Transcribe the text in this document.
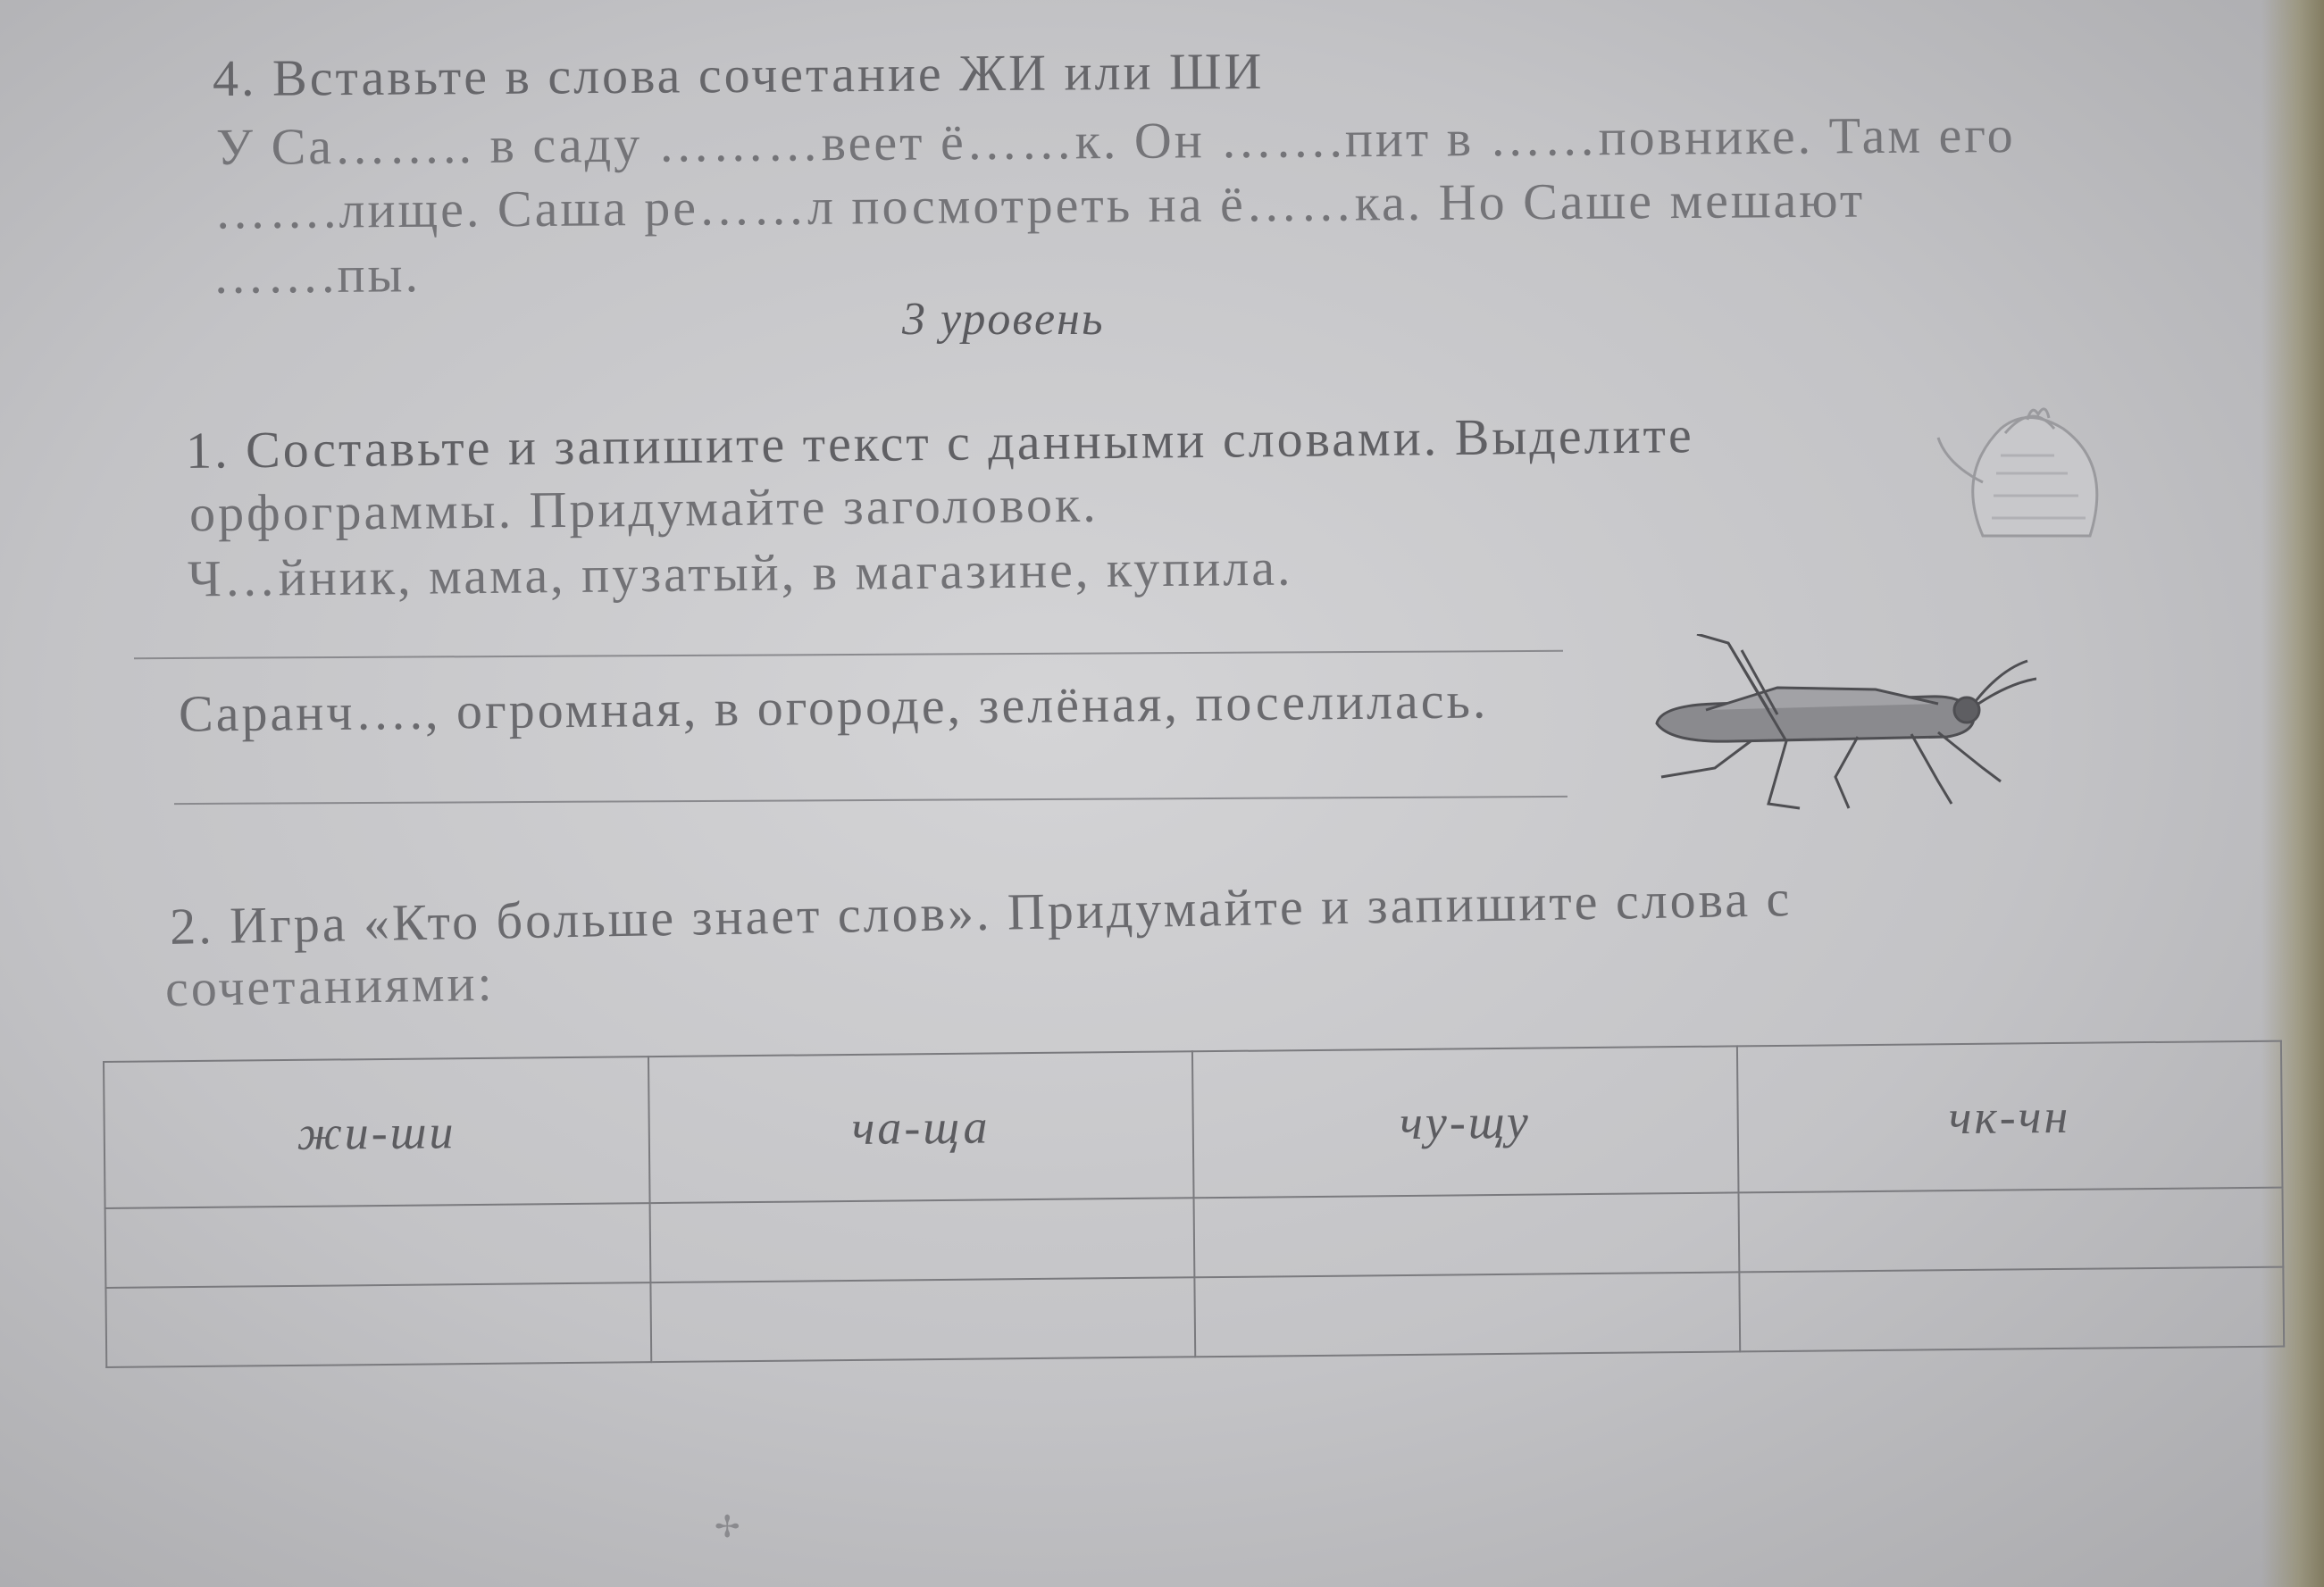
4. Вставьте в слова сочетание ЖИ или ШИ
У Са…….. в саду ………веет ё……к. Он …….пит в ……повнике. Там его
…….лище. Саша ре……л посмотреть на ё……ка. Но Саше мешают
…….пы.
3 уровень
1. Составьте и запишите текст с данными словами. Выделите
орфограммы. Придумайте заголовок.
Ч…йник, мама, пузатый, в магазине, купила.
Саранч…., огромная, в огороде, зелёная, поселилась.
2. Игра «Кто больше знает слов». Придумайте и запишите слова с
сочетаниями:
жи-ши	ча-ща	чу-щу	чк-чн

✢
